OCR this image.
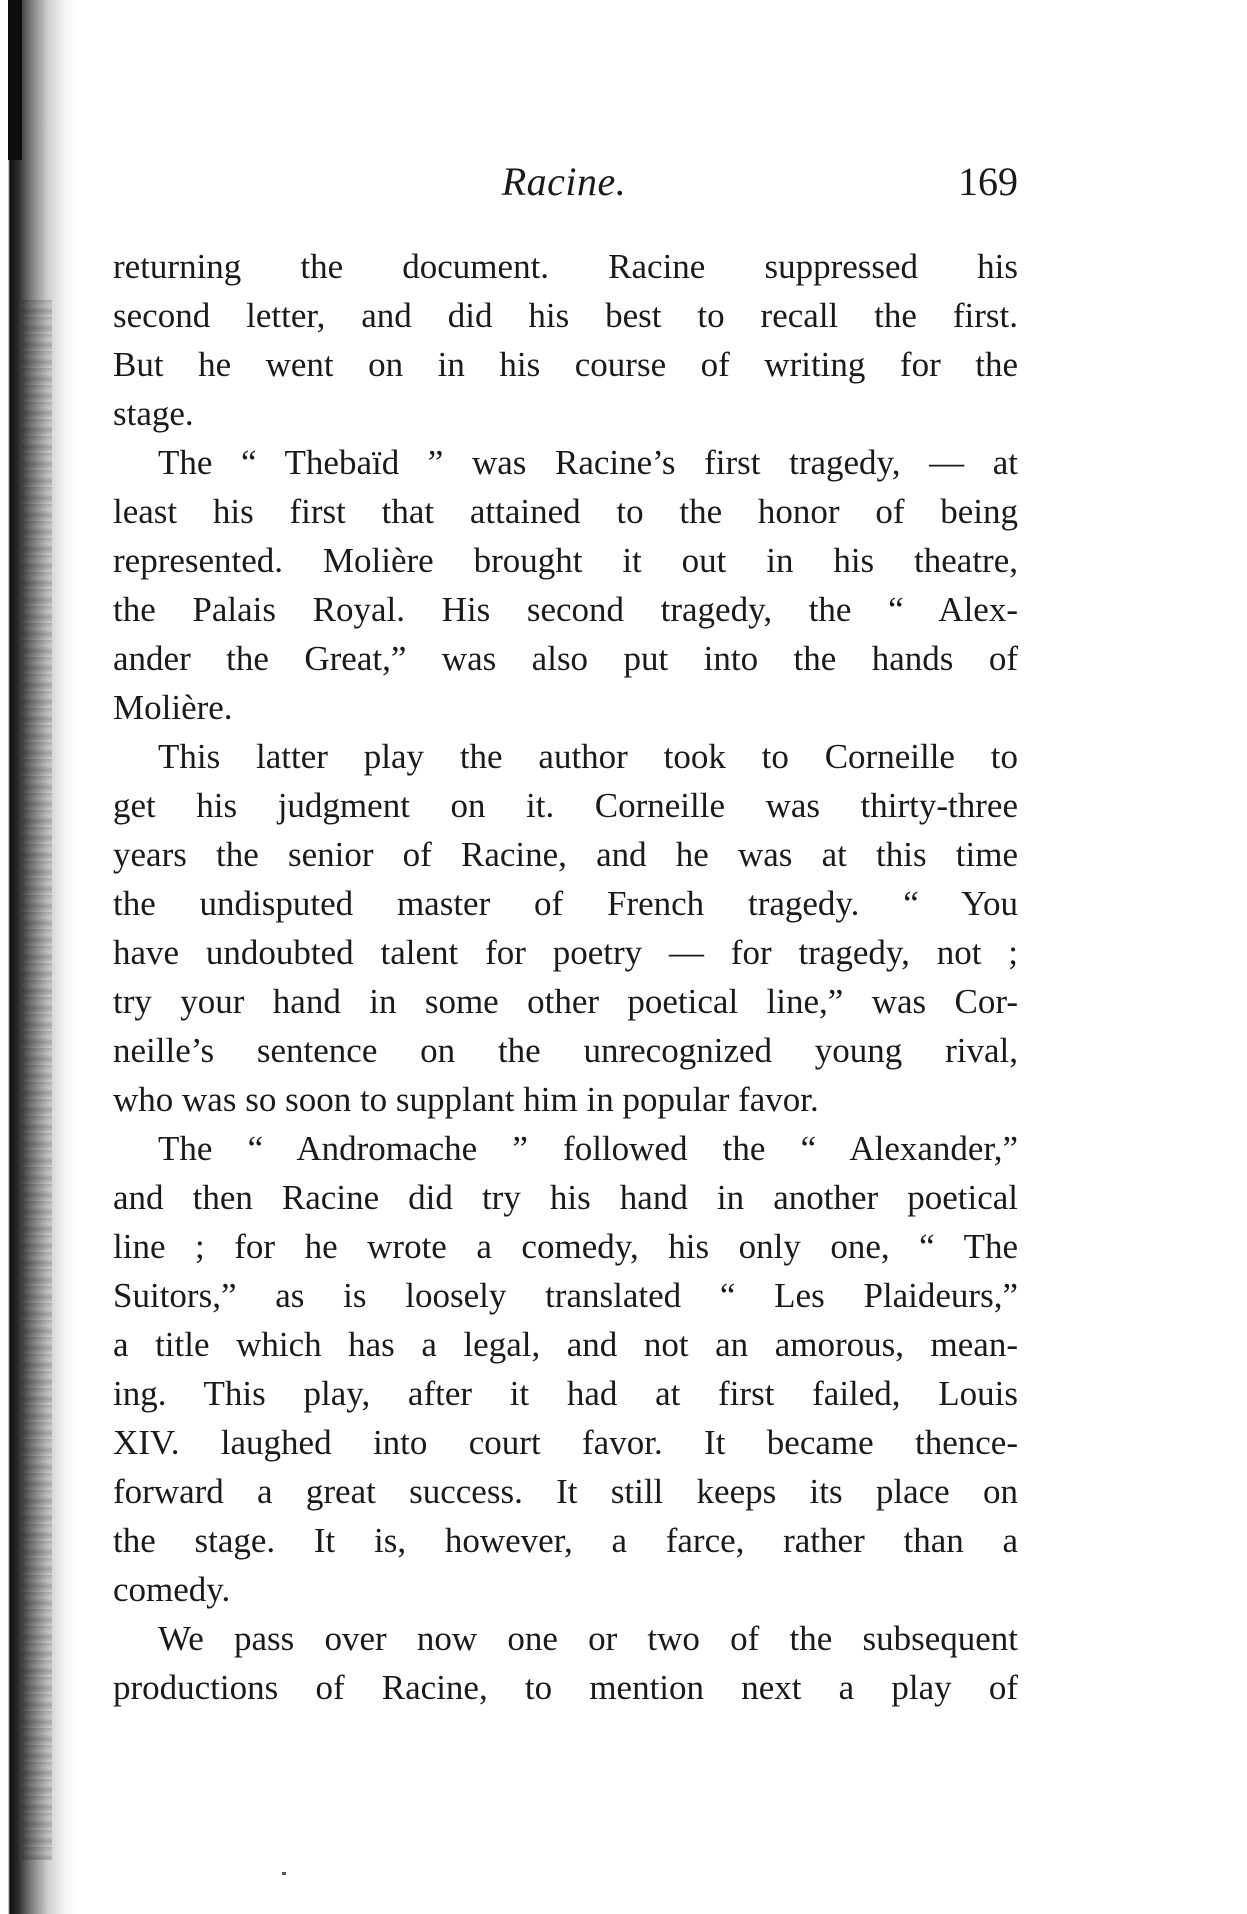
Racine.	169
returning the document. Racine suppressed his
second letter, and did his best to recall the first.
But he went on in his course of writing for the
stage.
The “ Thebaïd ” was Racine’s first tragedy, — at
least his first that attained to the honor of being
represented. Molière brought it out in his theatre,
the Palais Royal. His second tragedy, the “ Alex-
ander the Great,” was also put into the hands of
Molière.
This latter play the author took to Corneille to
get his judgment on it. Corneille was thirty-three
years the senior of Racine, and he was at this time
the undisputed master of French tragedy. “ You
have undoubted talent for poetry — for tragedy, not ;
try your hand in some other poetical line,” was Cor-
neille’s sentence on the unrecognized young rival,
who was so soon to supplant him in popular favor.
The “ Andromache ” followed the “ Alexander,”
and then Racine did try his hand in another poetical
line ; for he wrote a comedy, his only one, “ The
Suitors,” as is loosely translated “ Les Plaideurs,”
a title which has a legal, and not an amorous, mean-
ing. This play, after it had at first failed, Louis
XIV. laughed into court favor. It became thence-
forward a great success. It still keeps its place on
the stage. It is, however, a farce, rather than a
comedy.
We pass over now one or two of the subsequent
productions of Racine, to mention next a play of
